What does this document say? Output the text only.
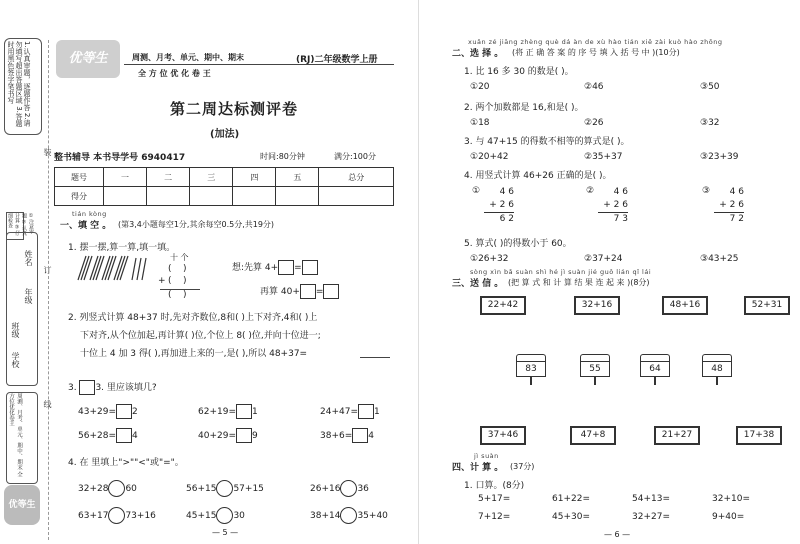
1.认真审题，逐题作答 2.请勿填写超出答题区域 3.答题时用黑色签字笔书写
①注意审题 ②认真计算 ③仔细检查
装
订
线
年级
姓名
学校
班级
周测、月考、单元、期中、期末 全方位优化卷王
优等生
优等生	周测、月考、单元、期中、期末
全 方 位 优 化 卷 王
(RJ)二年级数学上册
第二周达标测评卷
(加法)
整书辅导 本书导学号 6940417	时间:80分钟	满分:100分
题号	一	二	三	四	五	总分
得分						
tián kòng
一、填 空 。 (第3,4小题每空1分,其余每空0.5分,共19分)
1. 摆一摆,算一算,填一填。
十 个
(    )
+ (    )
(    )
想:先算 4+ =
再算 40+ =
2. 列竖式计算 48+37 时,先对齐数位,8和( )上下对齐,4和( )上
下对齐,从个位加起,再计算( )位,个位上 8( )位,并向十位进一;
十位上 4 加 3 得( ),再加进上来的一,是( ),所以 48+37=
3. 3. 里应该填几?
43+29= 2	62+19= 1	24+47= 1
56+28= 4	40+29= 9	38+6= 4
4. 在 里填上">""<"或"="。
32+28 60	56+15 57+15	26+16 36
63+17 73+16	45+15 30	38+14 35+40
— 5 —
xuǎn zé jiāng zhèng què dá àn de xù hào tián xiě zài kuò hào zhōng
二、选 择 。 (将 正 确 答 案 的 序 号 填 入 括 号 中 )(10分)
1. 比 16 多 30 的数是( )。
①20	②46	③50
2. 两个加数都是 16,和是( )。
①18	②26	③32
3. 与 47+15 的得数不相等的算式是( )。
①20+42	②35+37	③23+39
4. 用竖式计算 46+26 正确的是( )。
①	4 6
+ 2 6
6 2
②	4 6
+ 2 6
7 3
③	4 6
+ 2 6
7 2
5. 算式( )的得数小于 60。
①26+32	②37+24	③43+25
sòng xìn bǎ suàn shì hé jì suàn jié guǒ lián qǐ lái
三、送 信 。 (把 算 式 和 计 算 结 果 连 起 来 )(8分)
22+42	32+16	48+16	52+31
83	55	64	48
37+46	47+8	21+27	17+38
jì suàn
四、计 算 。 (37分)
1. 口算。(8分)
5+17=	61+22=	54+13=	32+10=
7+12=	45+30=	32+27=	9+40=
— 6 —
